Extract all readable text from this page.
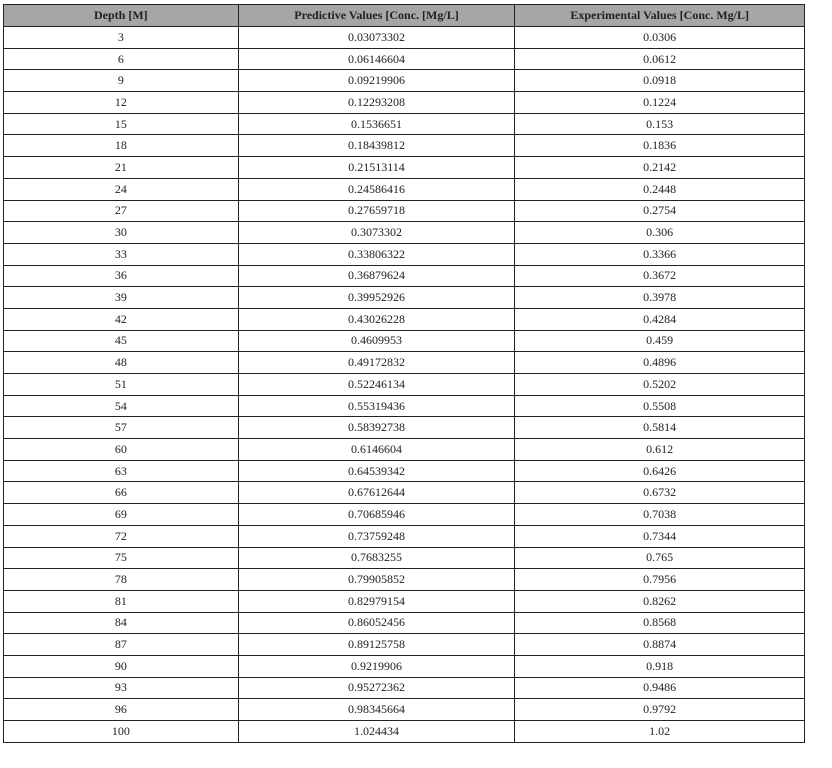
Depth [M]	Predictive Values [Conc. [Mg/L]	Experimental Values [Conc. Mg/L]
3	0.03073302	0.0306
6	0.06146604	0.0612
9	0.09219906	0.0918
12	0.12293208	0.1224
15	0.1536651	0.153
18	0.18439812	0.1836
21	0.21513114	0.2142
24	0.24586416	0.2448
27	0.27659718	0.2754
30	0.3073302	0.306
33	0.33806322	0.3366
36	0.36879624	0.3672
39	0.39952926	0.3978
42	0.43026228	0.4284
45	0.4609953	0.459
48	0.49172832	0.4896
51	0.52246134	0.5202
54	0.55319436	0.5508
57	0.58392738	0.5814
60	0.6146604	0.612
63	0.64539342	0.6426
66	0.67612644	0.6732
69	0.70685946	0.7038
72	0.73759248	0.7344
75	0.7683255	0.765
78	0.79905852	0.7956
81	0.82979154	0.8262
84	0.86052456	0.8568
87	0.89125758	0.8874
90	0.9219906	0.918
93	0.95272362	0.9486
96	0.98345664	0.9792
100	1.024434	1.02
